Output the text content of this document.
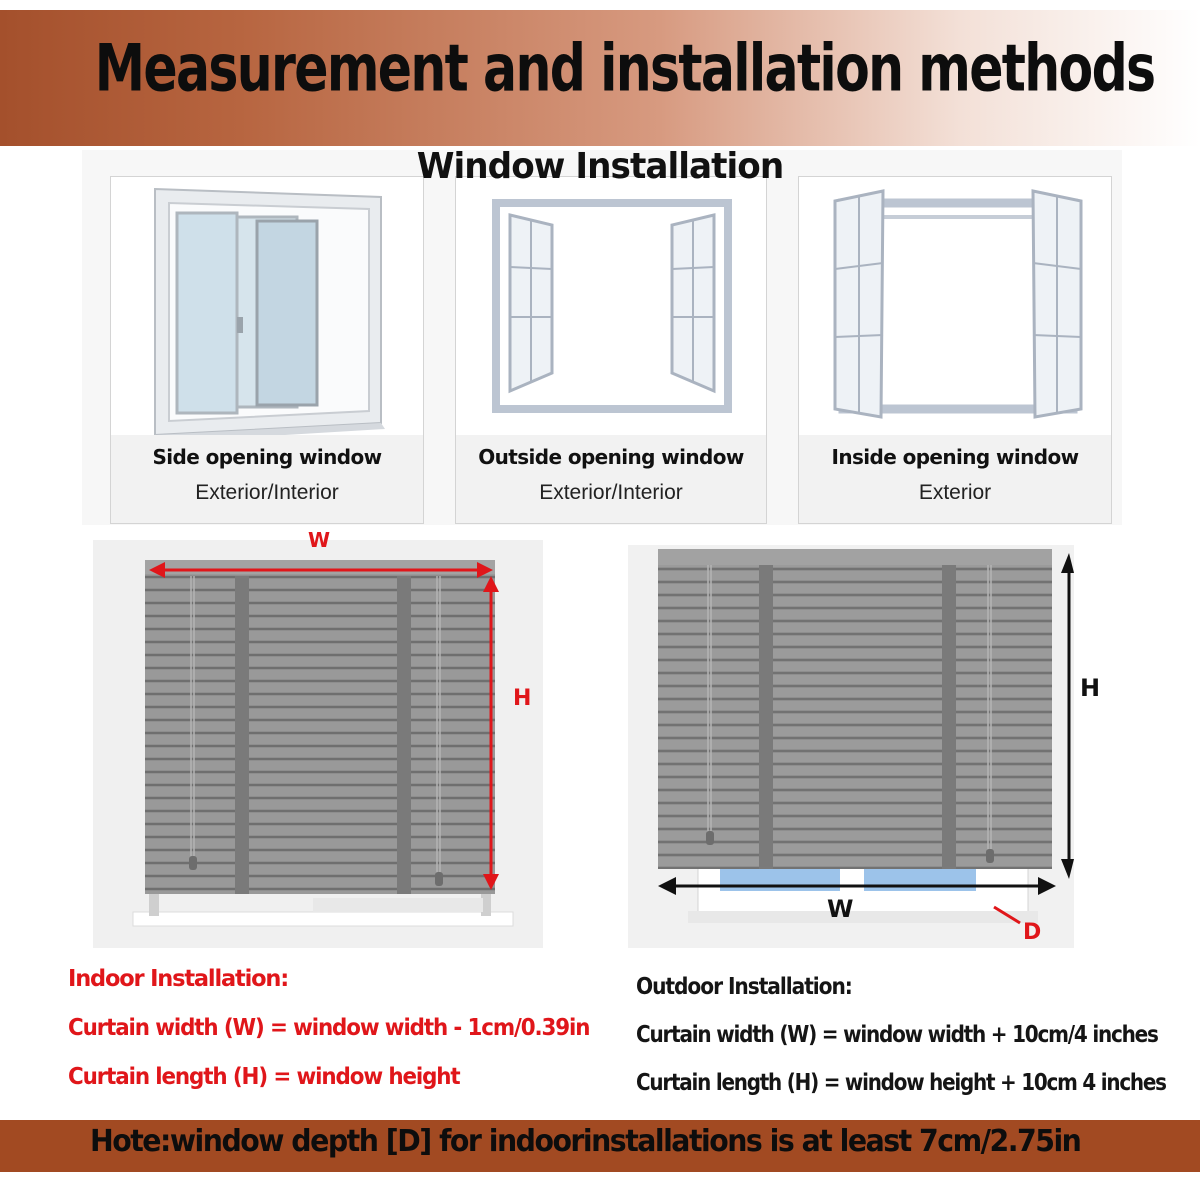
Measurement and installation methods
Side opening window
Exterior/Interior
Outside opening window
Exterior/Interior
Inside opening window
Exterior
Window Installation
W
H
W
H
D
Indoor Installation:
Curtain width (W) = window width - 1cm/0.39in
Curtain length (H) = window height
Outdoor Installation:
Curtain width (W) = window width + 10cm/4 inches
Curtain length (H) = window height + 10cm 4 inches
Hote:window depth [D] for indoorinstallations is at least 7cm/2.75in
